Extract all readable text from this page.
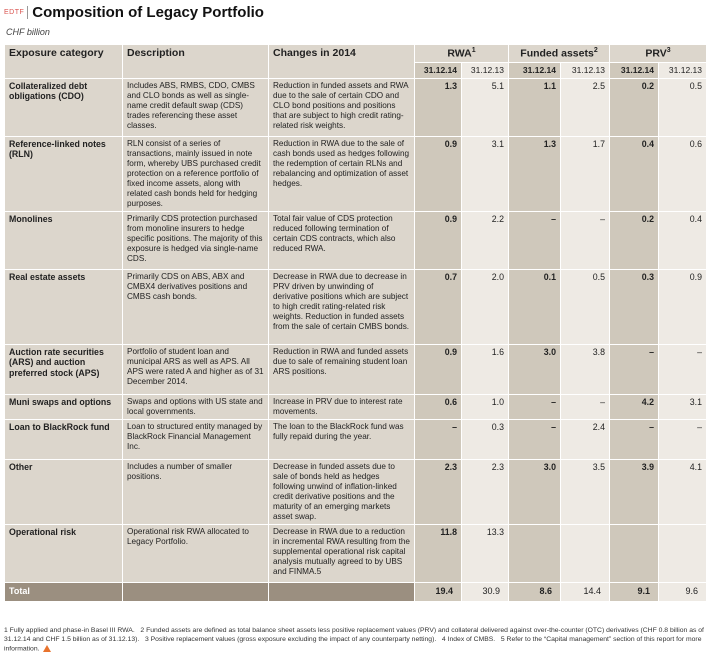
EDTF Composition of Legacy Portfolio
CHF billion
Exposure category	Description	Changes in 2014	RWA$^1$		Funded assets$^2$		PRV$^3$
			31.12.14	31.12.13	31.12.14	31.12.13	31.12.14	31.12.13
Collateralized debt obligations (CDO)	Includes ABS, RMBS, CDO, CMBS and CLO bonds as well as single-name credit default swap (CDS) trades referencing these asset classes.	Reduction in funded assets and RWA due to the sale of certain CDO and CLO bond positions and positions that are subject to high credit rating-related risk weights.	1.3	5.1	1.1	2.5	0.2	0.5
Reference-linked notes (RLN)	RLN consist of a series of transactions, mainly issued in note form, whereby UBS purchased credit protection on a reference portfolio of fixed income assets, along with related cash bonds held for hedging purposes.	Reduction in RWA due to the sale of cash bonds used as hedges following the redemption of certain RLNs and rebalancing and optimization of asset hedges.	0.9	3.1	1.3	1.7	0.4	0.6
Monolines	Primarily CDS protection purchased from monoline insurers to hedge specific positions. The majority of this exposure is hedged via single-name CDS.	Total fair value of CDS protection reduced following termination of certain CDS contracts, which also reduced RWA.	0.9	2.2	–	–	0.2	0.4
Real estate assets	Primarily CDS on ABS, ABX and CMBX4 derivatives positions and CMBS cash bonds.	Decrease in RWA due to decrease in PRV driven by unwinding of derivative positions which are subject to high credit rating-related risk weights. Reduction in funded assets from the sale of certain CMBS bonds.	0.7	2.0	0.1	0.5	0.3	0.9
Auction rate securities (ARS) and auction preferred stock (APS)	Portfolio of student loan and municipal ARS as well as APS. All APS were rated A and higher as of 31 December 2014.	Reduction in RWA and funded assets due to sale of remaining student loan ARS positions.	0.9	1.6	3.0	3.8	–	–
Muni swaps and options	Swaps and options with US state and local governments.	Increase in PRV due to interest rate movements.	0.6	1.0	–	–	4.2	3.1
Loan to BlackRock fund	Loan to structured entity managed by BlackRock Financial Management Inc.	The loan to the BlackRock fund was fully repaid during the year.	–	0.3	–	2.4	–	–
Other	Includes a number of smaller positions.	Decrease in funded assets due to sale of bonds held as hedges following unwind of inflation-linked credit derivative positions and the maturity of an emerging markets asset swap.	2.3	2.3	3.0	3.5	3.9	4.1
Operational risk	Operational risk RWA allocated to Legacy Portfolio.	Decrease in RWA due to a reduction in incremental RWA resulting from the supplemental operational risk capital analysis mutually agreed to by UBS and FINMA.5	11.8	13.3				
Total			19.4	30.9	8.6	14.4	9.1	9.6
1 Fully applied and phase-in Basel III RWA. 2 Funded assets are defined as total balance sheet assets less positive replacement values (PRV) and collateral delivered against over-the-counter (OTC) derivatives (CHF 0.8 billion as of 31.12.14 and CHF 1.5 billion as of 31.12.13). 3 Positive replacement values (gross exposure excluding the impact of any counterparty netting). 4 Index of CMBS. 5 Refer to the “Capital management” section of this report for more information.
